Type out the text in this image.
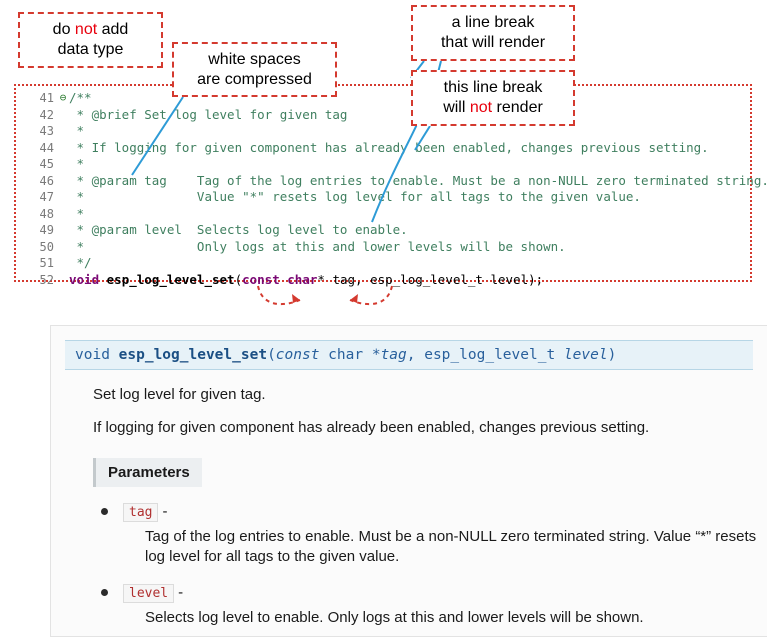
do not add
data type
white spaces
are compressed
a line break
that will render
this line break
will not render
41 ⊖ /**
42 * @brief Set log level for given tag
43 *
44 * If logging for given component has already been enabled, changes previous setting.
45 *
46 * @param tag    Tag of the log entries to enable. Must be a non-NULL zero terminated string.
47 *               Value "*" resets log level for all tags to the given value.
48 *
49 * @param level  Selects log level to enable.
50 *               Only logs at this and lower levels will be shown.
51 */
52 void esp_log_level_set(const char* tag, esp_log_level_t level);
void esp_log_level_set(const char *tag, esp_log_level_t level)
Set log level for given tag.
If logging for given component has already been enabled, changes previous setting.
Parameters
tag -
Tag of the log entries to enable. Must be a non-NULL zero terminated string. Value “*” resets log level for all tags to the given value.
level -
Selects log level to enable. Only logs at this and lower levels will be shown.
